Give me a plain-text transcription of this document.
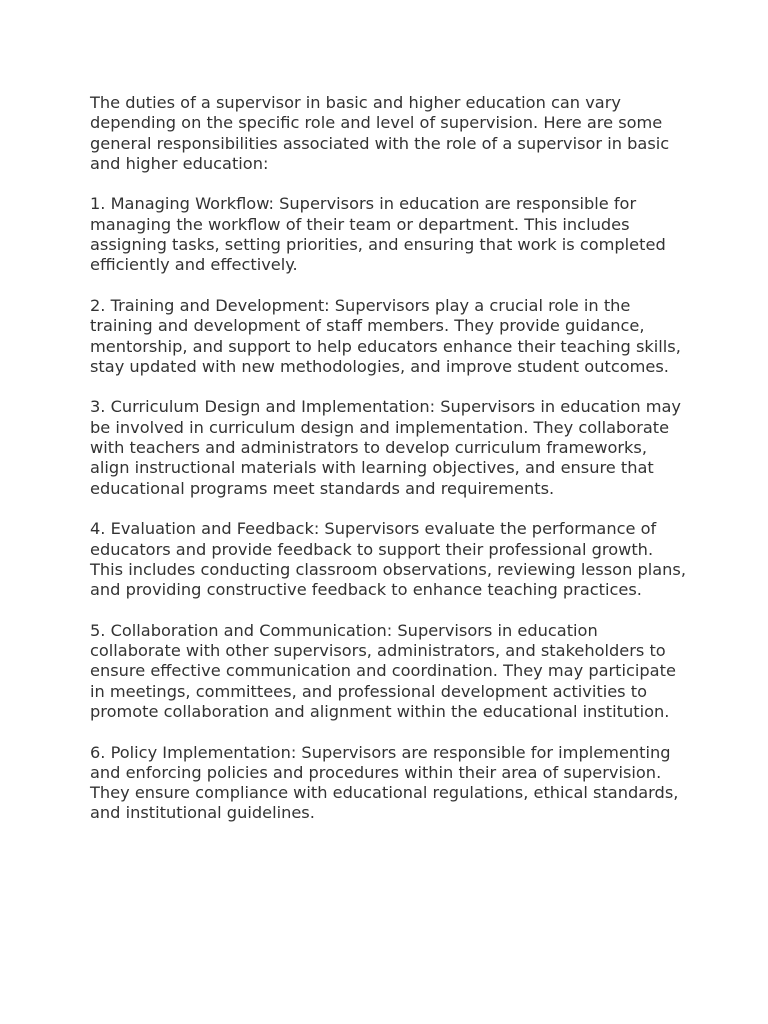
The duties of a supervisor in basic and higher education can vary depending on the specific role and level of supervision. Here are some general responsibilities associated with the role of a supervisor in basic and higher education:

1. Managing Workflow: Supervisors in education are responsible for managing the workflow of their team or department. This includes assigning tasks, setting priorities, and ensuring that work is completed efficiently and effectively.

2. Training and Development: Supervisors play a crucial role in the training and development of staff members. They provide guidance, mentorship, and support to help educators enhance their teaching skills, stay updated with new methodologies, and improve student outcomes.

3. Curriculum Design and Implementation: Supervisors in education may be involved in curriculum design and implementation. They collaborate with teachers and administrators to develop curriculum frameworks, align instructional materials with learning objectives, and ensure that educational programs meet standards and requirements.

4. Evaluation and Feedback: Supervisors evaluate the performance of educators and provide feedback to support their professional growth. This includes conducting classroom observations, reviewing lesson plans, and providing constructive feedback to enhance teaching practices.

5. Collaboration and Communication: Supervisors in education collaborate with other supervisors, administrators, and stakeholders to ensure effective communication and coordination. They may participate in meetings, committees, and professional development activities to promote collaboration and alignment within the educational institution.

6. Policy Implementation: Supervisors are responsible for implementing and enforcing policies and procedures within their area of supervision. They ensure compliance with educational regulations, ethical standards, and institutional guidelines.
